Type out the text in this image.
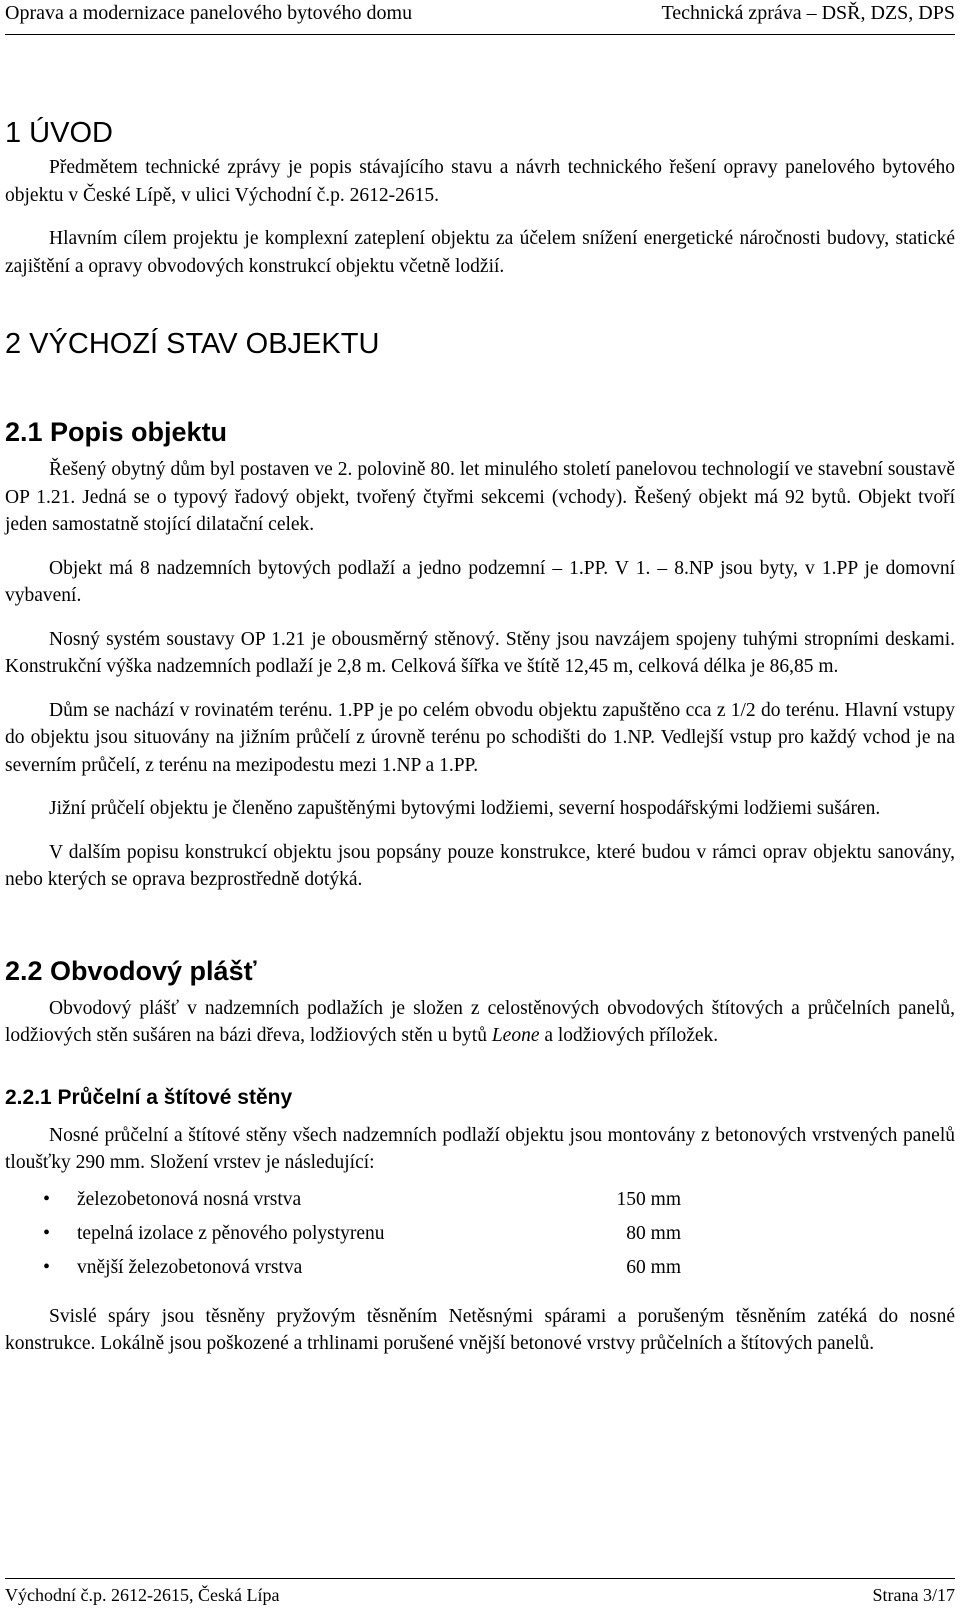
Oprava a modernizace panelového bytového domu	Technická zpráva – DSŘ, DZS, DPS
1 ÚVOD

Předmětem technické zprávy je popis stávajícího stavu a návrh technického řešení opravy panelového bytového objektu v České Lípě, v ulici Východní č.p. 2612-2615.

Hlavním cílem projektu je komplexní zateplení objektu za účelem snížení energetické náročnosti budovy, statické zajištění a opravy obvodových konstrukcí objektu včetně lodžií.

2 VÝCHOZÍ STAV OBJEKTU
2.1 Popis objektu

Řešený obytný dům byl postaven ve 2. polovině 80. let minulého století panelovou technologií ve stavební soustavě OP 1.21. Jedná se o typový řadový objekt, tvořený čtyřmi sekcemi (vchody). Řešený objekt má 92 bytů. Objekt tvoří jeden samostatně stojící dilatační celek.

Objekt má 8 nadzemních bytových podlaží a jedno podzemní – 1.PP. V 1. – 8.NP jsou byty, v 1.PP je domovní vybavení.

Nosný systém soustavy OP 1.21 je obousměrný stěnový. Stěny jsou navzájem spojeny tuhými stropními deskami. Konstrukční výška nadzemních podlaží je 2,8 m. Celková šířka ve štítě 12,45 m, celková délka je 86,85 m.

Dům se nachází v rovinatém terénu. 1.PP je po celém obvodu objektu zapuštěno cca z 1/2 do terénu. Hlavní vstupy do objektu jsou situovány na jižním průčelí z úrovně terénu po schodišti do 1.NP. Vedlejší vstup pro každý vchod je na severním průčelí, z terénu na mezipodestu mezi 1.NP a 1.PP.

Jižní průčelí objektu je členěno zapuštěnými bytovými lodžiemi, severní hospodářskými lodžiemi sušáren.

V dalším popisu konstrukcí objektu jsou popsány pouze konstrukce, které budou v rámci oprav objektu sanovány, nebo kterých se oprava bezprostředně dotýká.

2.2 Obvodový plášť

Obvodový plášť v nadzemních podlažích je složen z celostěnových obvodových štítových a průčelních panelů, lodžiových stěn sušáren na bázi dřeva, lodžiových stěn u bytů Leone a lodžiových příložek.

2.2.1 Průčelní a štítové stěny

Nosné průčelní a štítové stěny všech nadzemních podlaží objektu jsou montovány z betonových vrstvených panelů tloušťky 290 mm. Složení vrstev je následující:

•	železobetonová nosná vrstva	150 mm
•	tepelná izolace z pěnového polystyrenu	80 mm
•	vnější železobetonová vrstva	60 mm

Svislé spáry jsou těsněny pryžovým těsněním Netěsnými spárami a porušeným těsněním zatéká do nosné konstrukce. Lokálně jsou poškozené a trhlinami porušené vnější betonové vrstvy průčelních a štítových panelů.

Východní č.p. 2612-2615, Česká Lípa	Strana 3/17
